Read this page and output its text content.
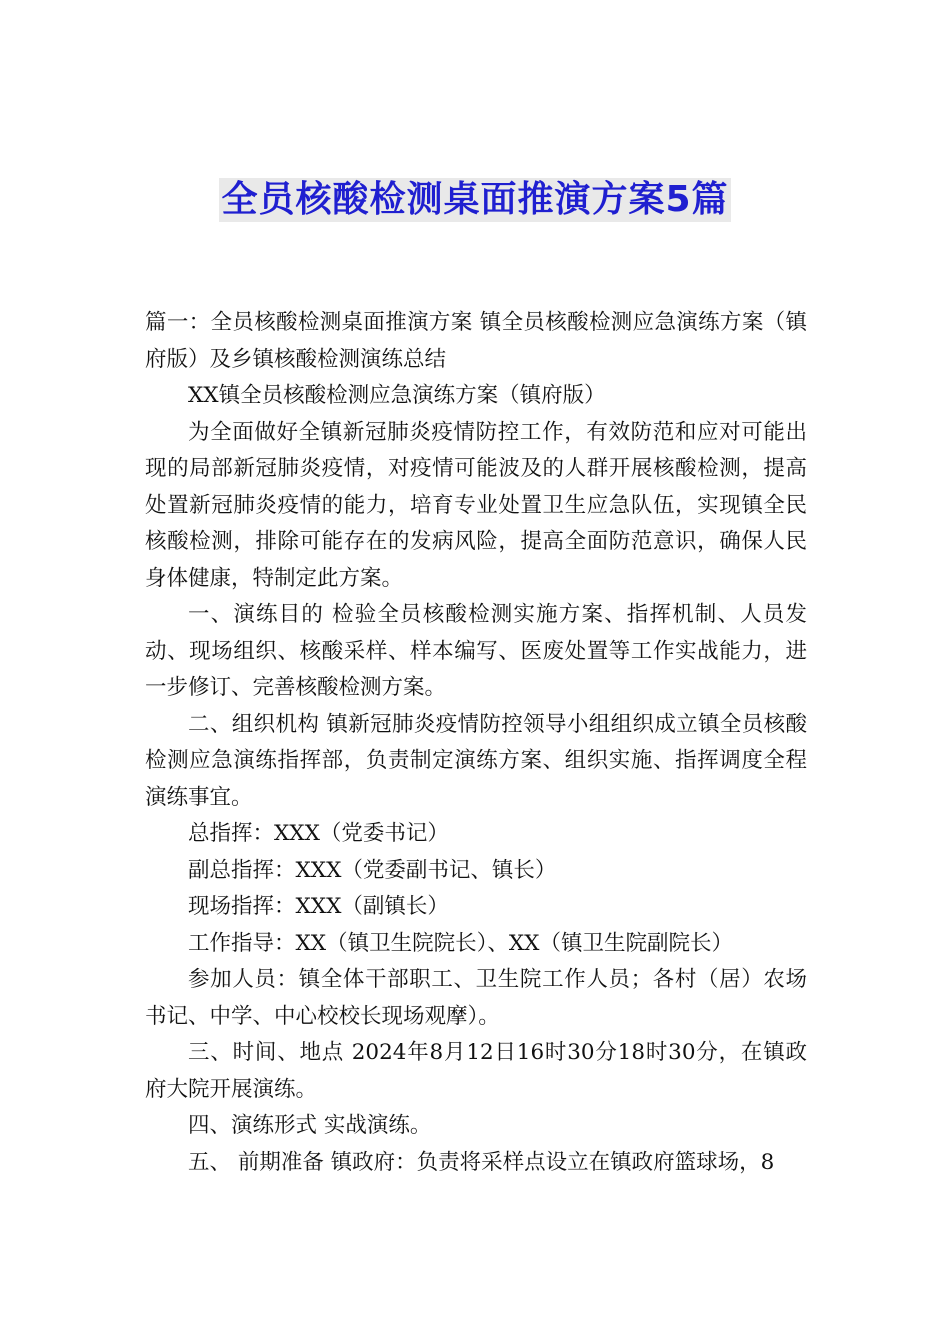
全员核酸检测桌面推演方案5篇

篇一：全员核酸检测桌面推演方案 镇全员核酸检测应急演练方案（镇府版）及乡镇核酸检测演练总结

XX镇全员核酸检测应急演练方案（镇府版）

为全面做好全镇新冠肺炎疫情防控工作，有效防范和应对可能出现的局部新冠肺炎疫情，对疫情可能波及的人群开展核酸检测，提高处置新冠肺炎疫情的能力，培育专业处置卫生应急队伍，实现镇全民核酸检测，排除可能存在的发病风险，提高全面防范意识，确保人民身体健康，特制定此方案。

一、演练目的 检验全员核酸检测实施方案、指挥机制、人员发动、现场组织、核酸采样、样本编写、医废处置等工作实战能力，进一步修订、完善核酸检测方案。

二、组织机构 镇新冠肺炎疫情防控领导小组组织成立镇全员核酸检测应急演练指挥部，负责制定演练方案、组织实施、指挥调度全程演练事宜。

总指挥：XXX（党委书记）

副总指挥：XXX（党委副书记、镇长）

现场指挥：XXX（副镇长）

工作指导：XX（镇卫生院院长）、XX（镇卫生院副院长）

参加人员：镇全体干部职工、卫生院工作人员；各村（居）农场书记、中学、中心校校长现场观摩）。

三、时间、地点 2024年8月12日16时30分18时30分，在镇政府大院开展演练。

四、演练形式 实战演练。

五、 前期准备 镇政府：负责将采样点设立在镇政府篮球场，8
